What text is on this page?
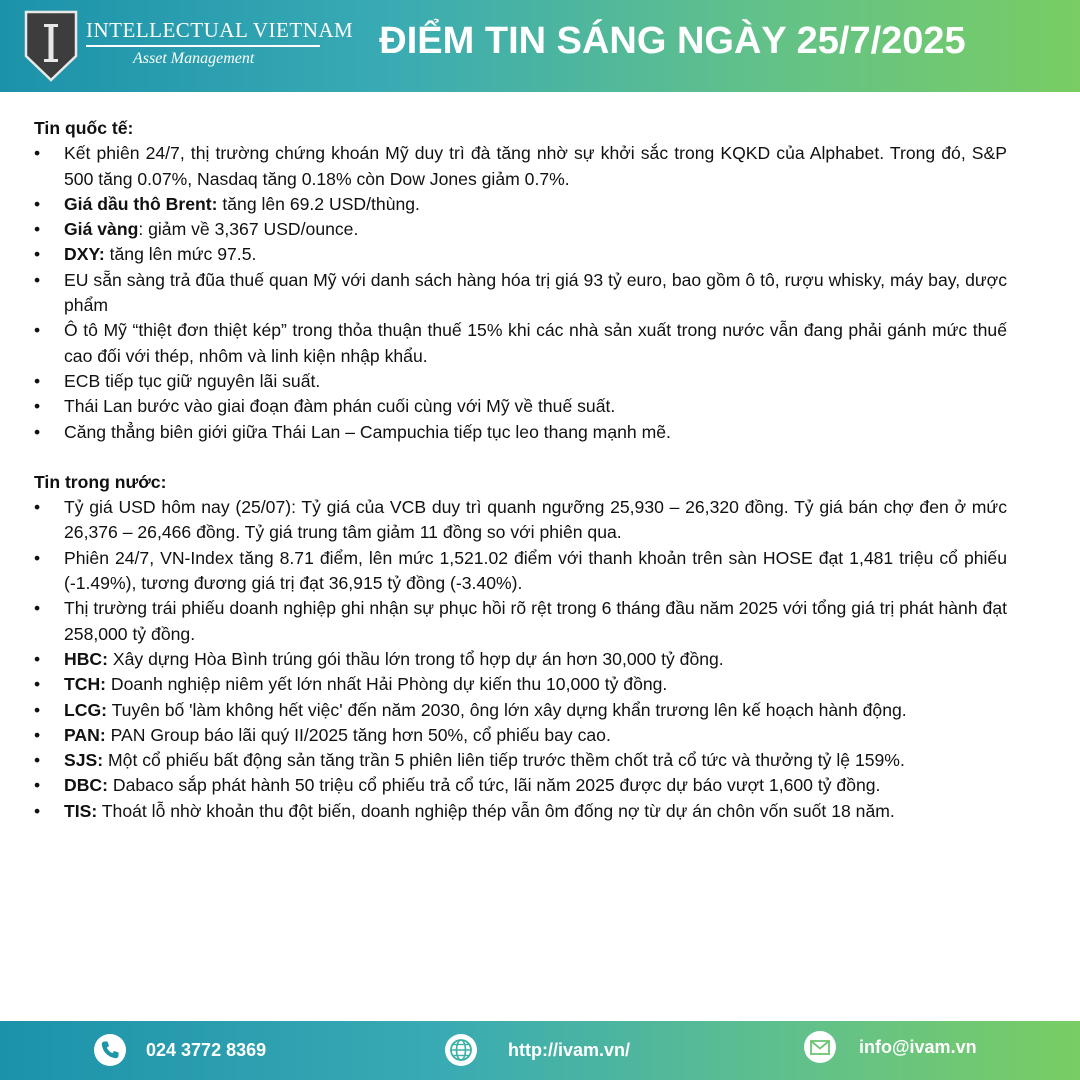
INTELLECTUAL VIETNAM
Asset Management	ĐIỂM TIN SÁNG NGÀY 25/7/2025

Tin quốc tế:

• Kết phiên 24/7, thị trường chứng khoán Mỹ duy trì đà tăng nhờ sự khởi sắc trong KQKD của Alphabet. Trong đó, S&P 500 tăng 0.07%, Nasdaq tăng 0.18% còn Dow Jones giảm 0.7%.
• Giá dầu thô Brent: tăng lên 69.2 USD/thùng.
• Giá vàng: giảm về 3,367 USD/ounce.
• DXY: tăng lên mức 97.5.
• EU sẵn sàng trả đũa thuế quan Mỹ với danh sách hàng hóa trị giá 93 tỷ euro, bao gồm ô tô, rượu whisky, máy bay, dược phẩm
• Ô tô Mỹ “thiệt đơn thiệt kép” trong thỏa thuận thuế 15% khi các nhà sản xuất trong nước vẫn đang phải gánh mức thuế cao đối với thép, nhôm và linh kiện nhập khẩu.
• ECB tiếp tục giữ nguyên lãi suất.
• Thái Lan bước vào giai đoạn đàm phán cuối cùng với Mỹ về thuế suất.
• Căng thẳng biên giới giữa Thái Lan – Campuchia tiếp tục leo thang mạnh mẽ.

Tin trong nước:

• Tỷ giá USD hôm nay (25/07): Tỷ giá của VCB duy trì quanh ngưỡng 25,930 – 26,320 đồng. Tỷ giá bán chợ đen ở mức 26,376 – 26,466 đồng. Tỷ giá trung tâm giảm 11 đồng so với phiên qua.
• Phiên 24/7, VN-Index tăng 8.71 điểm, lên mức 1,521.02 điểm với thanh khoản trên sàn HOSE đạt 1,481 triệu cổ phiếu (-1.49%), tương đương giá trị đạt 36,915 tỷ đồng (-3.40%).
• Thị trường trái phiếu doanh nghiệp ghi nhận sự phục hồi rõ rệt trong 6 tháng đầu năm 2025 với tổng giá trị phát hành đạt 258,000 tỷ đồng.
• HBC: Xây dựng Hòa Bình trúng gói thầu lớn trong tổ hợp dự án hơn 30,000 tỷ đồng.
• TCH: Doanh nghiệp niêm yết lớn nhất Hải Phòng dự kiến thu 10,000 tỷ đồng.
• LCG: Tuyên bố 'làm không hết việc' đến năm 2030, ông lớn xây dựng khẩn trương lên kế hoạch hành động.
• PAN: PAN Group báo lãi quý II/2025 tăng hơn 50%, cổ phiếu bay cao.
• SJS: Một cổ phiếu bất động sản tăng trần 5 phiên liên tiếp trước thềm chốt trả cổ tức và thưởng tỷ lệ 159%.
• DBC: Dabaco sắp phát hành 50 triệu cổ phiếu trả cổ tức, lãi năm 2025 được dự báo vượt 1,600 tỷ đồng.
• TIS: Thoát lỗ nhờ khoản thu đột biến, doanh nghiệp thép vẫn ôm đống nợ từ dự án chôn vốn suốt 18 năm.
024 3772 8369	http://ivam.vn/	info@ivam.vn
